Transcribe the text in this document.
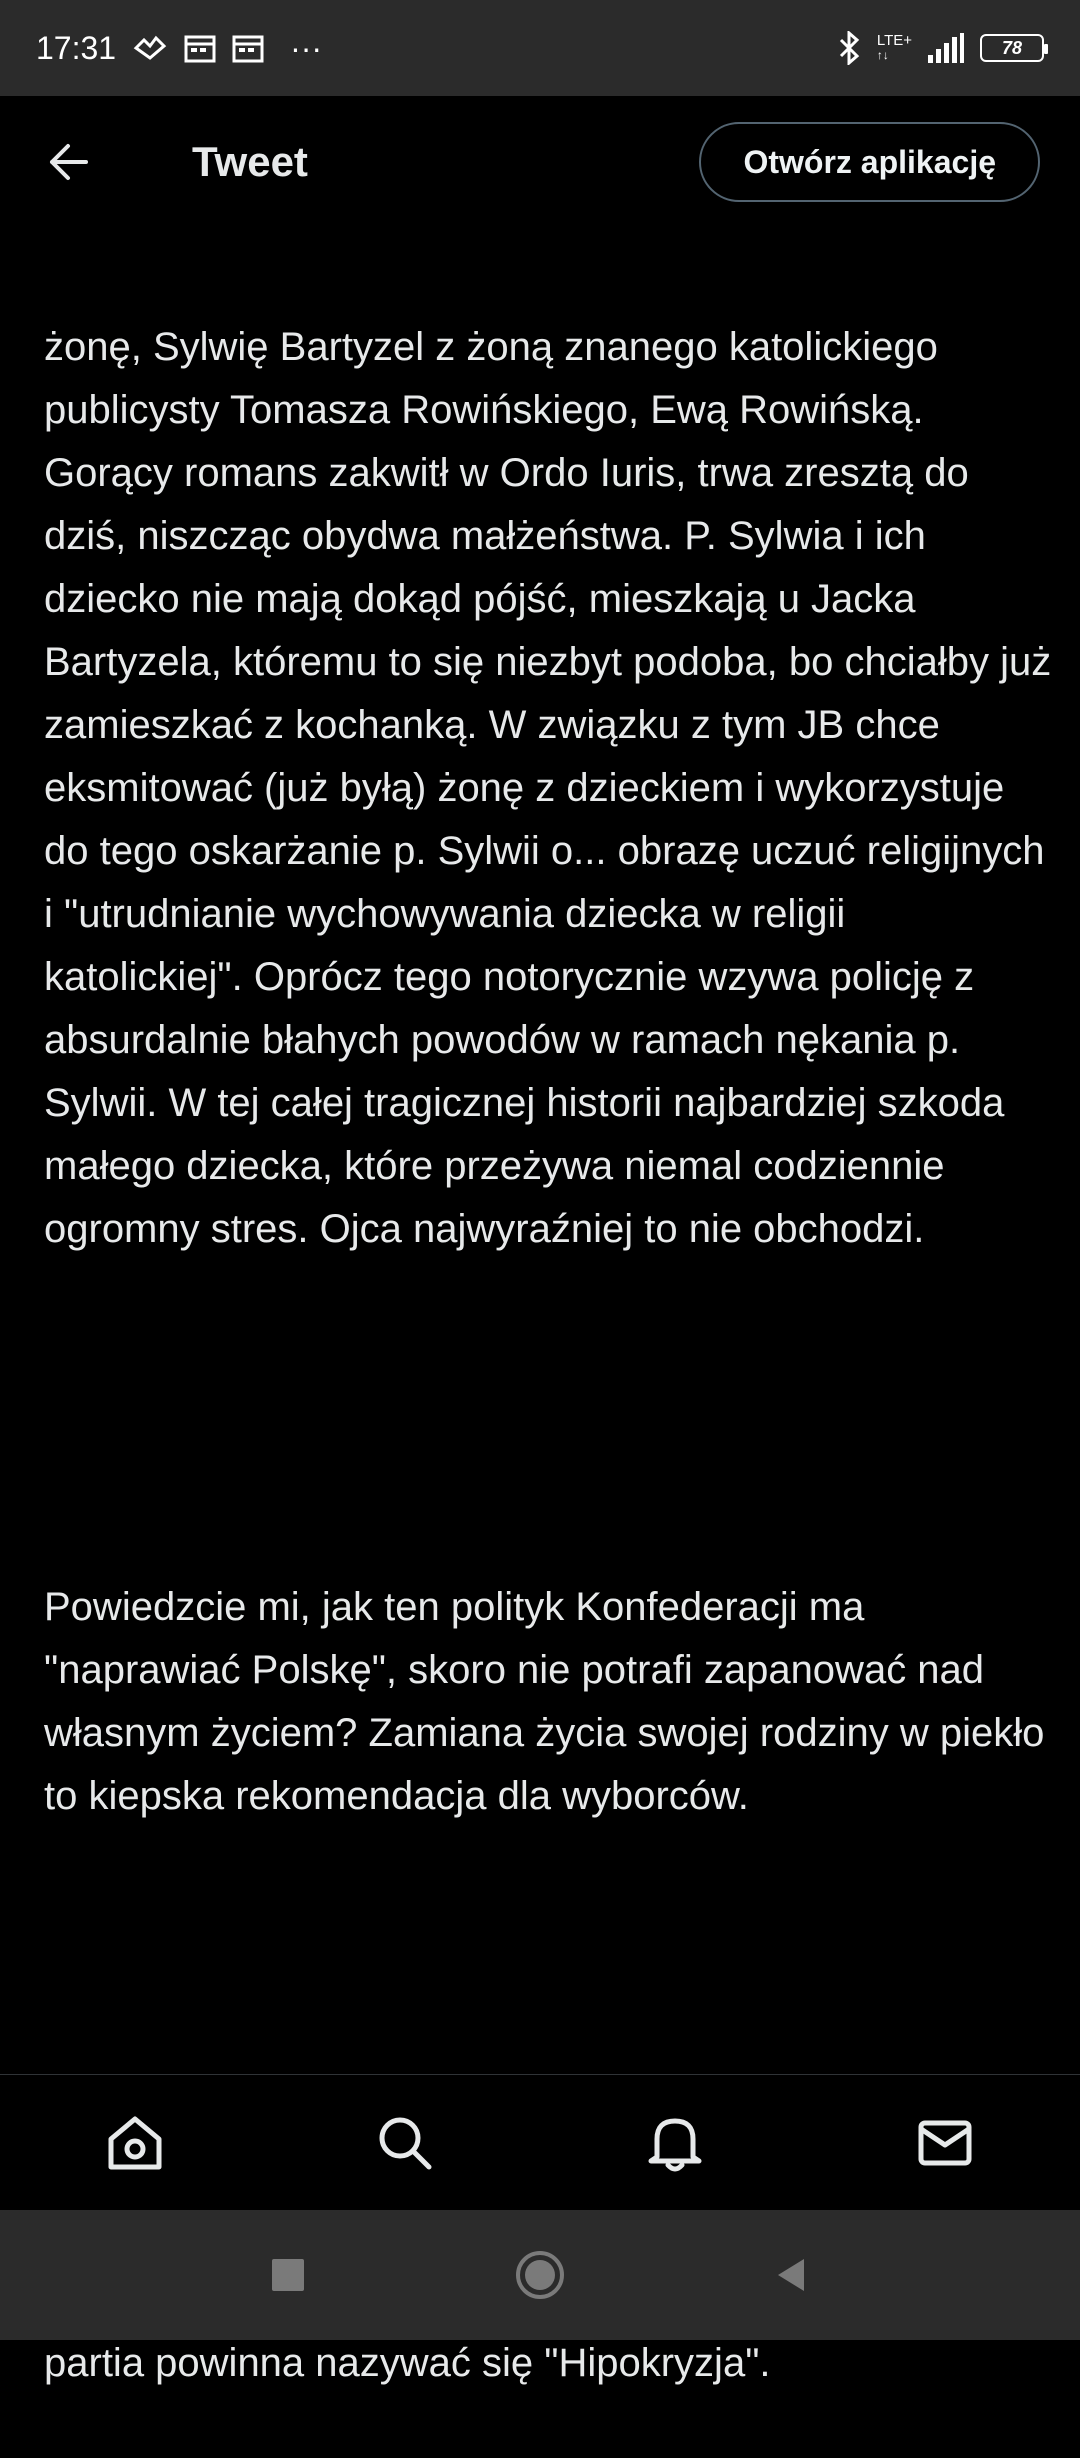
żonę, Sylwię Bartyzel z żoną znanego katolickiego publicysty Tomasza Rowińskiego, Ewą Rowińską. Gorący romans zakwitł w Ordo Iuris, trwa zresztą do dziś, niszcząc obydwa małżeństwa. P. Sylwia i ich dziecko nie mają dokąd pójść, mieszkają u Jacka Bartyzela, któremu to się niezbyt podoba, bo chciałby już zamieszkać z kochanką. W związku z tym JB chce eksmitować (już byłą) żonę z dzieckiem i wykorzystuje do tego oskarżanie p. Sylwii o... obrazę uczuć religijnych i "utrudnianie wychowywania dziecka w religii katolickiej". Oprócz tego notorycznie wzywa policję z absurdalnie błahych powodów w ramach nękania p. Sylwii. W tej całej tragicznej historii najbardziej szkoda małego dziecka, które przeżywa niemal codziennie ogromny stres. Ojca najwyraźniej to nie obchodzi.

Powiedzcie mi, jak ten polityk Konfederacji ma "naprawiać Polskę", skoro nie potrafi zapanować nad własnym życiem? Zamiana życia swojej rodziny w piekło to kiepska rekomendacja dla wyborców.

partia powinna nazywać się "Hipokryzja".

17:31	···	LTE+
↑↓	78
Tweet	Otwórz aplikację
